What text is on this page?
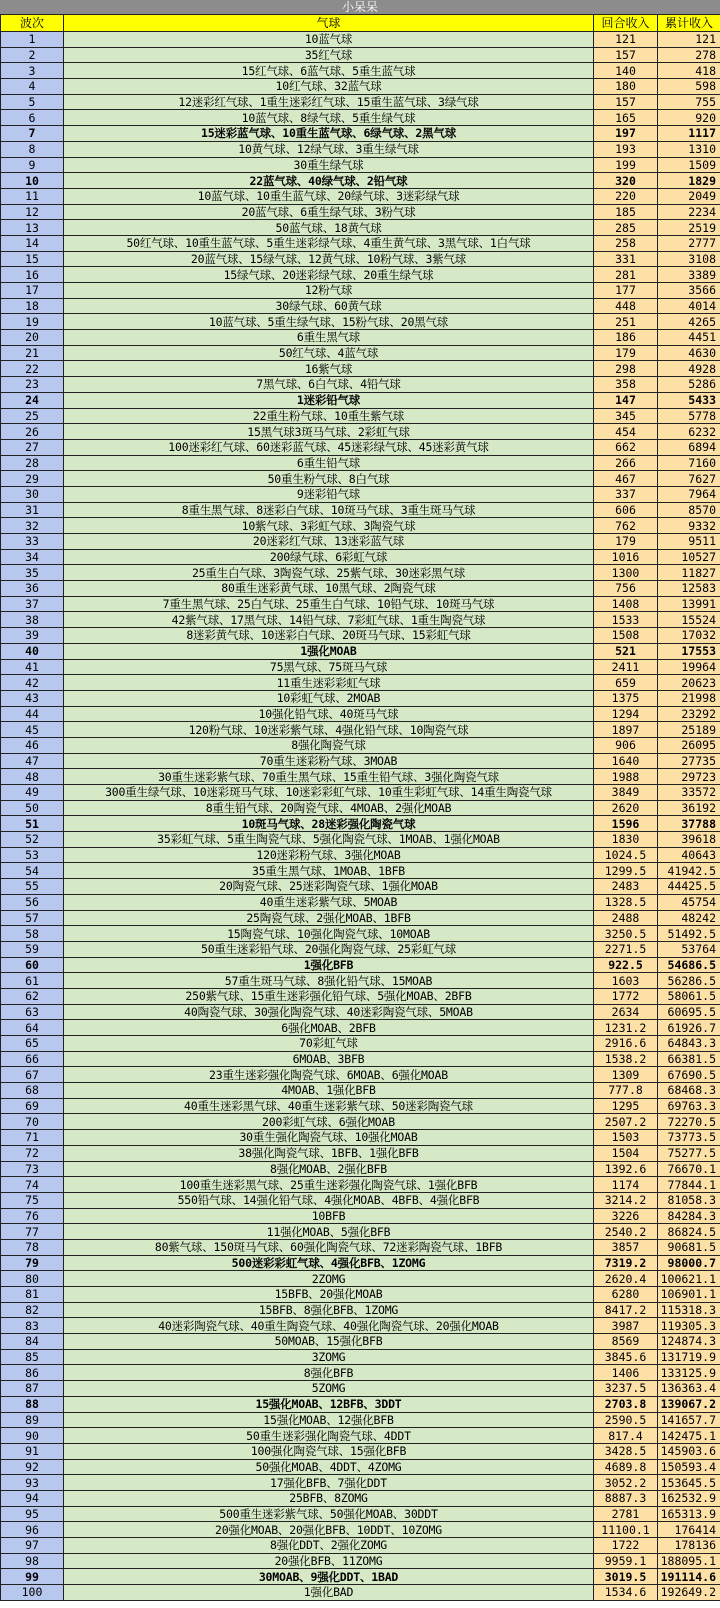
小呆呆
波次	气球	回合收入	累计收入
1	10蓝气球	121	121
2	35红气球	157	278
3	15红气球、6蓝气球、5重生蓝气球	140	418
4	10红气球、32蓝气球	180	598
5	12迷彩红气球、1重生迷彩红气球、15重生蓝气球、3绿气球	157	755
6	10蓝气球、8绿气球、5重生绿气球	165	920
7	15迷彩蓝气球、10重生蓝气球、6绿气球、2黑气球	197	1117
8	10黄气球、12绿气球、3重生绿气球	193	1310
9	30重生绿气球	199	1509
10	22蓝气球、40绿气球、2铅气球	320	1829
11	10蓝气球、10重生蓝气球、20绿气球、3迷彩绿气球	220	2049
12	20蓝气球、6重生绿气球、3粉气球	185	2234
13	50蓝气球、18黄气球	285	2519
14	50红气球、10重生蓝气球、5重生迷彩绿气球、4重生黄气球、3黑气球、1白气球	258	2777
15	20蓝气球、15绿气球、12黄气球、10粉气球、3紫气球	331	3108
16	15绿气球、20迷彩绿气球、20重生绿气球	281	3389
17	12粉气球	177	3566
18	30绿气球、60黄气球	448	4014
19	10蓝气球、5重生绿气球、15粉气球、20黑气球	251	4265
20	6重生黑气球	186	4451
21	50红气球、4蓝气球	179	4630
22	16紫气球	298	4928
23	7黑气球、6白气球、4铅气球	358	5286
24	1迷彩铅气球	147	5433
25	22重生粉气球、10重生紫气球	345	5778
26	15黑气球3斑马气球、2彩虹气球	454	6232
27	100迷彩红气球、60迷彩蓝气球、45迷彩绿气球、45迷彩黄气球	662	6894
28	6重生铅气球	266	7160
29	50重生粉气球、8白气球	467	7627
30	9迷彩铅气球	337	7964
31	8重生黑气球、8迷彩白气球、10斑马气球、3重生斑马气球	606	8570
32	10紫气球、3彩虹气球、3陶瓷气球	762	9332
33	20迷彩红气球、13迷彩蓝气球	179	9511
34	200绿气球、6彩虹气球	1016	10527
35	25重生白气球、3陶瓷气球、25紫气球、30迷彩黑气球	1300	11827
36	80重生迷彩黄气球、10黑气球、2陶瓷气球	756	12583
37	7重生黑气球、25白气球、25重生白气球、10铅气球、10斑马气球	1408	13991
38	42紫气球、17黑气球、14铅气球、7彩虹气球、1重生陶瓷气球	1533	15524
39	8迷彩黄气球、10迷彩白气球、20斑马气球、15彩虹气球	1508	17032
40	1强化MOAB	521	17553
41	75黑气球、75斑马气球	2411	19964
42	11重生迷彩彩虹气球	659	20623
43	10彩虹气球、2MOAB	1375	21998
44	10强化铅气球、40斑马气球	1294	23292
45	120粉气球、10迷彩紫气球、4强化铅气球、10陶瓷气球	1897	25189
46	8强化陶瓷气球	906	26095
47	70重生迷彩粉气球、3MOAB	1640	27735
48	30重生迷彩紫气球、70重生黑气球、15重生铅气球、3强化陶瓷气球	1988	29723
49	300重生绿气球、10迷彩斑马气球、10迷彩彩虹气球、10重生彩虹气球、14重生陶瓷气球	3849	33572
50	8重生铅气球、20陶瓷气球、4MOAB、2强化MOAB	2620	36192
51	10斑马气球、28迷彩强化陶瓷气球	1596	37788
52	35彩虹气球、5重生陶瓷气球、5强化陶瓷气球、1MOAB、1强化MOAB	1830	39618
53	120迷彩粉气球、3强化MOAB	1024.5	40643
54	35重生黑气球、1MOAB、1BFB	1299.5	41942.5
55	20陶瓷气球、25迷彩陶瓷气球、1强化MOAB	2483	44425.5
56	40重生迷彩紫气球、5MOAB	1328.5	45754
57	25陶瓷气球、2强化MOAB、1BFB	2488	48242
58	15陶瓷气球、10强化陶瓷气球、10MOAB	3250.5	51492.5
59	50重生迷彩铅气球、20强化陶瓷气球、25彩虹气球	2271.5	53764
60	1强化BFB	922.5	54686.5
61	57重生斑马气球、8强化铅气球、15MOAB	1603	56286.5
62	250紫气球、15重生迷彩强化铅气球、5强化MOAB、2BFB	1772	58061.5
63	40陶瓷气球、30强化陶瓷气球、40迷彩陶瓷气球、5MOAB	2634	60695.5
64	6强化MOAB、2BFB	1231.2	61926.7
65	70彩虹气球	2916.6	64843.3
66	6MOAB、3BFB	1538.2	66381.5
67	23重生迷彩强化陶瓷气球、6MOAB、6强化MOAB	1309	67690.5
68	4MOAB、1强化BFB	777.8	68468.3
69	40重生迷彩黑气球、40重生迷彩紫气球、50迷彩陶瓷气球	1295	69763.3
70	200彩虹气球、6强化MOAB	2507.2	72270.5
71	30重生强化陶瓷气球、10强化MOAB	1503	73773.5
72	38强化陶瓷气球、1BFB、1强化BFB	1504	75277.5
73	8强化MOAB、2强化BFB	1392.6	76670.1
74	100重生迷彩黑气球、25重生迷彩强化陶瓷气球、1强化BFB	1174	77844.1
75	550铅气球、14强化铅气球、4强化MOAB、4BFB、4强化BFB	3214.2	81058.3
76	10BFB	3226	84284.3
77	11强化MOAB、5强化BFB	2540.2	86824.5
78	80紫气球、150斑马气球、60强化陶瓷气球、72迷彩陶瓷气球、1BFB	3857	90681.5
79	500迷彩彩虹气球、4强化BFB、1ZOMG	7319.2	98000.7
80	2ZOMG	2620.4	100621.1
81	15BFB、20强化MOAB	6280	106901.1
82	15BFB、8强化BFB、1ZOMG	8417.2	115318.3
83	40迷彩陶瓷气球、40重生陶瓷气球、40强化陶瓷气球、20强化MOAB	3987	119305.3
84	50MOAB、15强化BFB	8569	124874.3
85	3ZOMG	3845.6	131719.9
86	8强化BFB	1406	133125.9
87	5ZOMG	3237.5	136363.4
88	15强化MOAB、12BFB、3DDT	2703.8	139067.2
89	15强化MOAB、12强化BFB	2590.5	141657.7
90	50重生迷彩强化陶瓷气球、4DDT	817.4	142475.1
91	100强化陶瓷气球、15强化BFB	3428.5	145903.6
92	50强化MOAB、4DDT、4ZOMG	4689.8	150593.4
93	17强化BFB、7强化DDT	3052.2	153645.5
94	25BFB、8ZOMG	8887.3	162532.9
95	500重生迷彩紫气球、50强化MOAB、30DDT	2781	165313.9
96	20强化MOAB、20强化BFB、10DDT、10ZOMG	11100.1	176414
97	8强化DDT、2强化ZOMG	1722	178136
98	20强化BFB、11ZOMG	9959.1	188095.1
99	30MOAB、9强化DDT、1BAD	3019.5	191114.6
100	1强化BAD	1534.6	192649.2
